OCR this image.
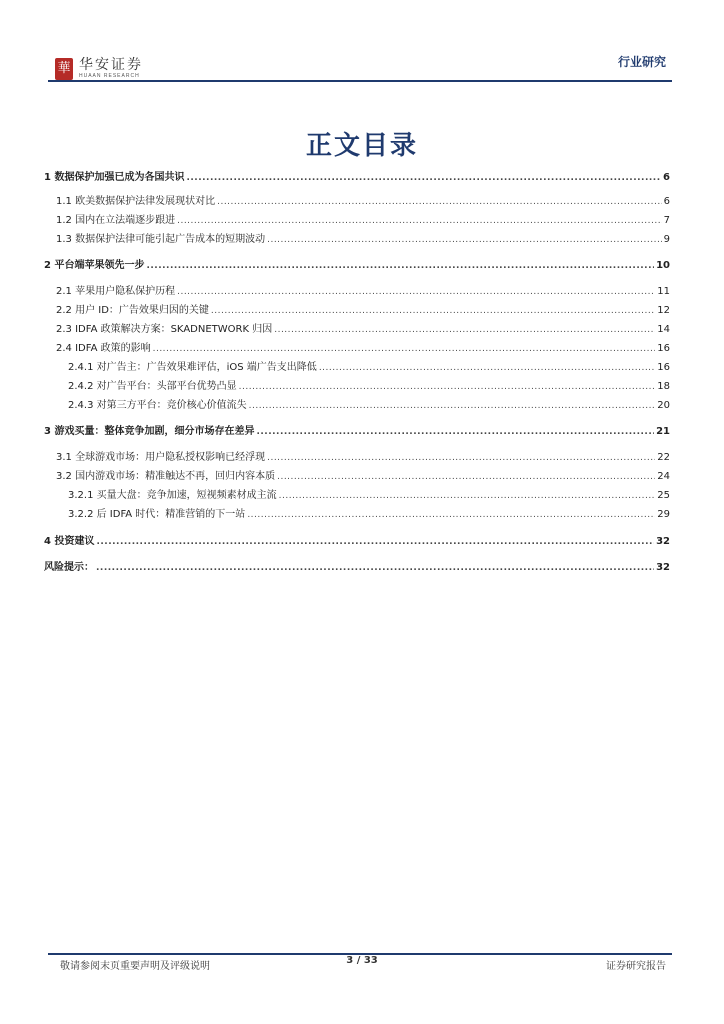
華 华安证券
HUAAN RESEARCH
行业研究
正文目录
1 数据保护加强已成为各国共识 .....	6
1.1 欧美数据保护法律发展现状对比 .....	6
1.2 国内在立法端逐步跟进 .....	7
1.3 数据保护法律可能引起广告成本的短期波动 .....	9
2 平台端苹果领先一步 .....	10
2.1 苹果用户隐私保护历程 .....	11
2.2 用户 ID：广告效果归因的关键 .....	12
2.3 IDFA 政策解决方案：SKADNETWORK 归因 .....	14
2.4 IDFA 政策的影响 .....	16
2.4.1 对广告主：广告效果难评估，iOS 端广告支出降低 .....	16
2.4.2 对广告平台：头部平台优势凸显 .....	18
2.4.3 对第三方平台：竞价核心价值流失 .....	20
3 游戏买量：整体竞争加剧，细分市场存在差异 .....	21
3.1 全球游戏市场：用户隐私授权影响已经浮现 .....	22
3.2 国内游戏市场：精准触达不再，回归内容本质 .....	24
3.2.1 买量大盘：竞争加速，短视频素材成主流 .....	25
3.2.2 后 IDFA 时代：精准营销的下一站 .....	29
4 投资建议 .....	32
风险提示： .....	32
敬请参阅末页重要声明及评级说明
3 / 33
证券研究报告
